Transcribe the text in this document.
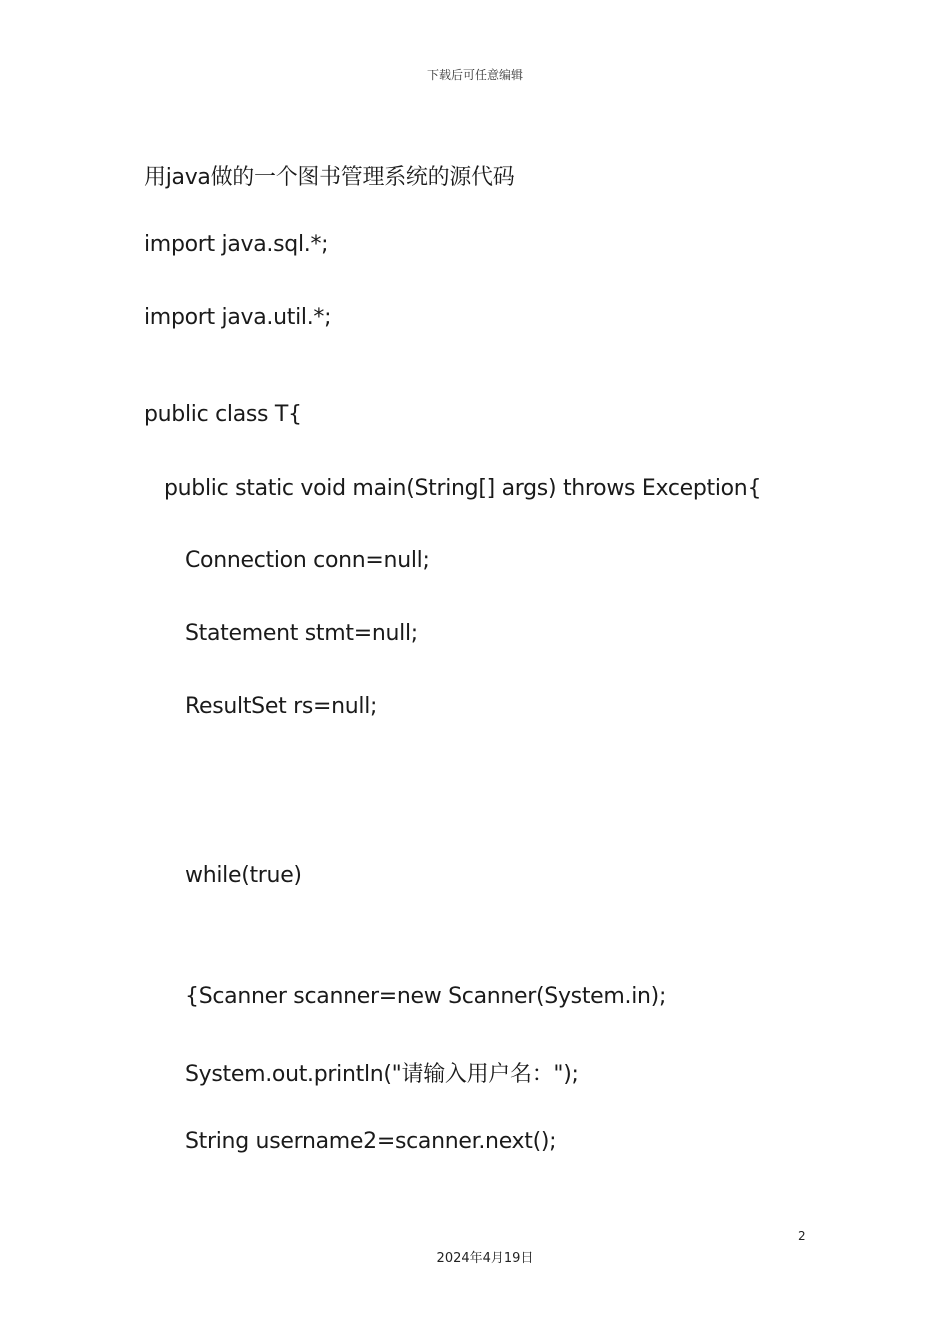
下载后可任意编辑
用java做的一个图书管理系统的源代码
import java.sql.*;
import java.util.*;
public class T{
public static void main(String[] args) throws Exception{
Connection conn=null;
Statement stmt=null;
ResultSet rs=null;
while(true)
{Scanner scanner=new Scanner(System.in);
System.out.println("请输入用户名：");
String username2=scanner.next();
2
2024年4月19日
